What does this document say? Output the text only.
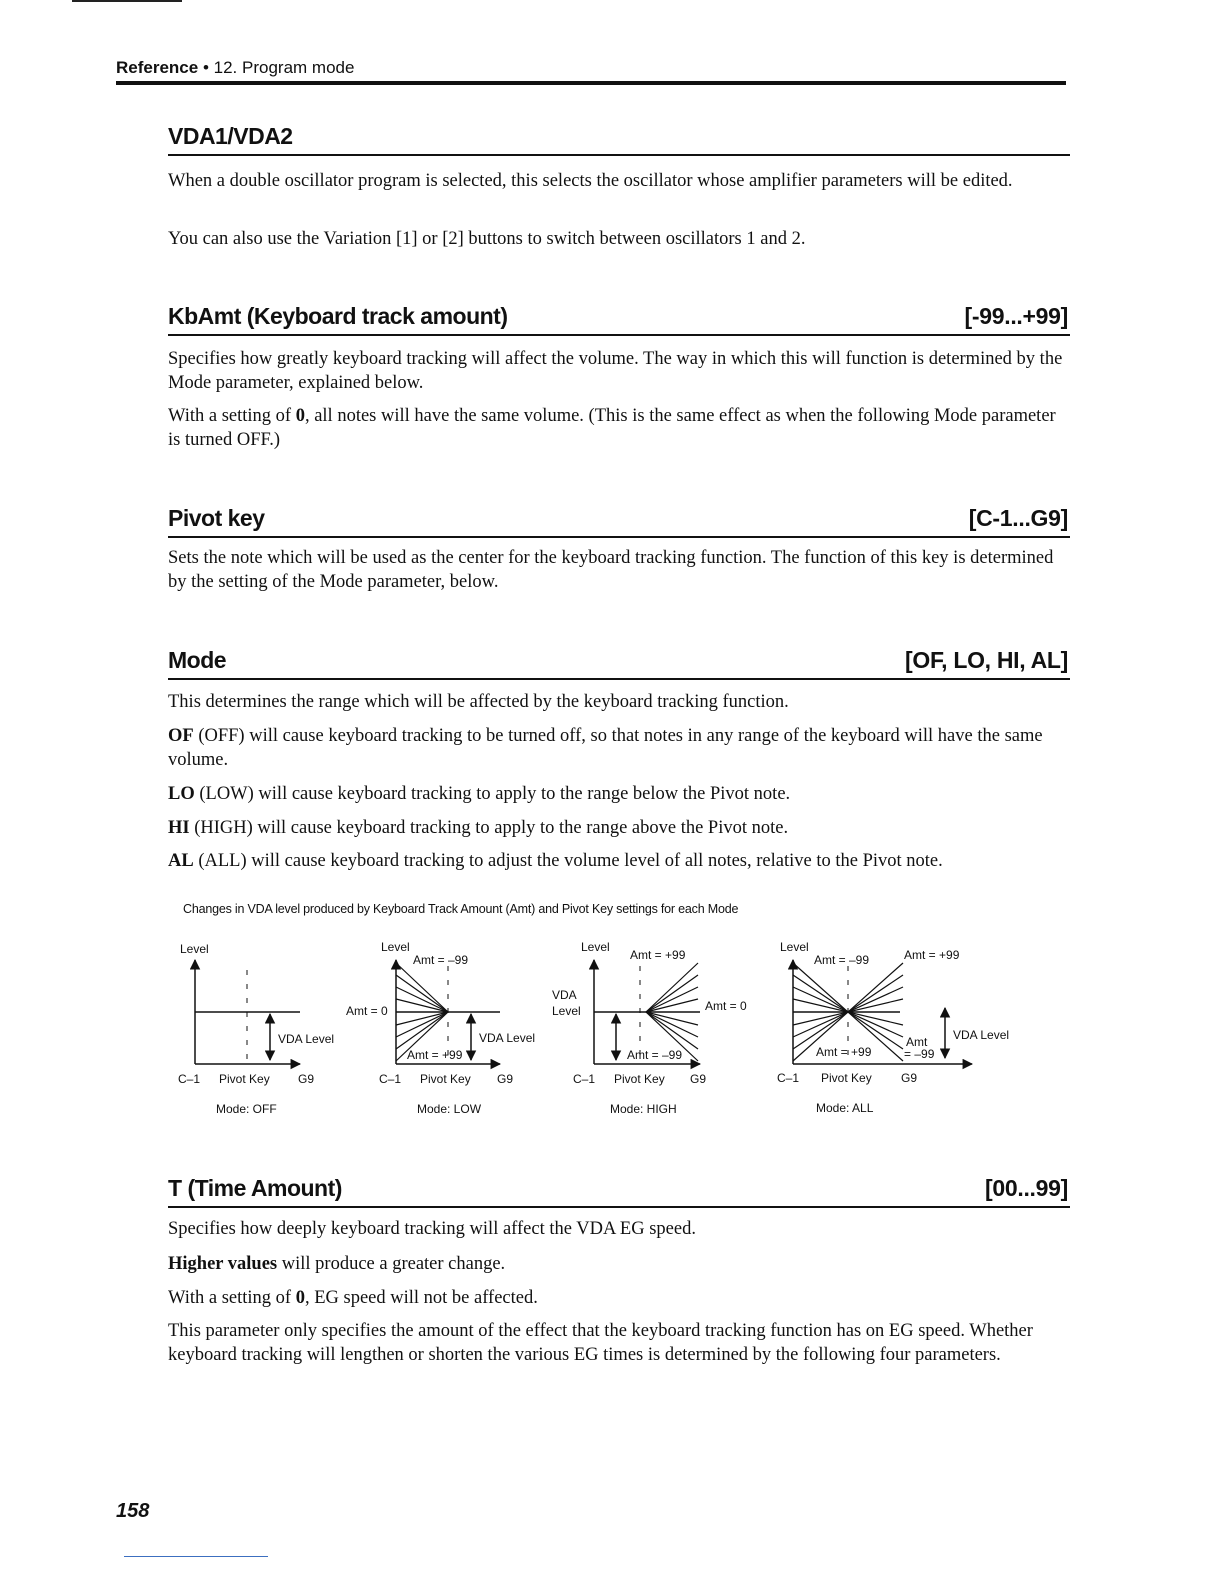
Reference • 12. Program mode
VDA1/VDA2

When a double oscillator program is selected, this selects the oscillator whose amplifier parameters will be edited.

You can also use the Variation [1] or [2] buttons to switch between oscillators 1 and 2.

KbAmt (Keyboard track amount)	[-99...+99]

Specifies how greatly keyboard tracking will affect the volume. The way in which this will function is determined by the Mode parameter, explained below.

With a setting of 0, all notes will have the same volume. (This is the same effect as when the following Mode parameter is turned OFF.)

Pivot key	[C-1...G9]

Sets the note which will be used as the center for the keyboard tracking function. The function of this key is determined by the setting of the Mode parameter, below.

Mode	[OF, LO, HI, AL]

This determines the range which will be affected by the keyboard tracking function.

OF (OFF) will cause keyboard tracking to be turned off, so that notes in any range of the keyboard will have the same volume.

LO (LOW) will cause keyboard tracking to apply to the range below the Pivot note.

HI (HIGH) will cause keyboard tracking to apply to the range above the Pivot note.

AL (ALL) will cause keyboard tracking to adjust the volume level of all notes, relative to the Pivot note.

Changes in VDA level produced by Keyboard Track Amount (Amt) and Pivot Key settings for each Mode
Level
VDA Level
C–1 Pivot Key G9
Mode: OFF
Level
Amt = –99
Amt = 0
Amt = +99
VDA Level
C–1 Pivot Key G9
Mode: LOW
Level
Amt = +99
Amt = 0
Amt = –99
VDA
Level
C–1 Pivot Key G9
Mode: HIGH
Level
Amt = –99	Amt = +99
Amt = +99
Amt
= –99
VDA Level
C–1 Pivot Key G9
Mode: ALL
T (Time Amount)	[00...99]

Specifies how deeply keyboard tracking will affect the VDA EG speed.

Higher values will produce a greater change.

With a setting of 0, EG speed will not be affected.

This parameter only specifies the amount of the effect that the keyboard tracking function has on EG speed. Whether keyboard tracking will lengthen or shorten the various EG times is determined by the following four parameters.

158
